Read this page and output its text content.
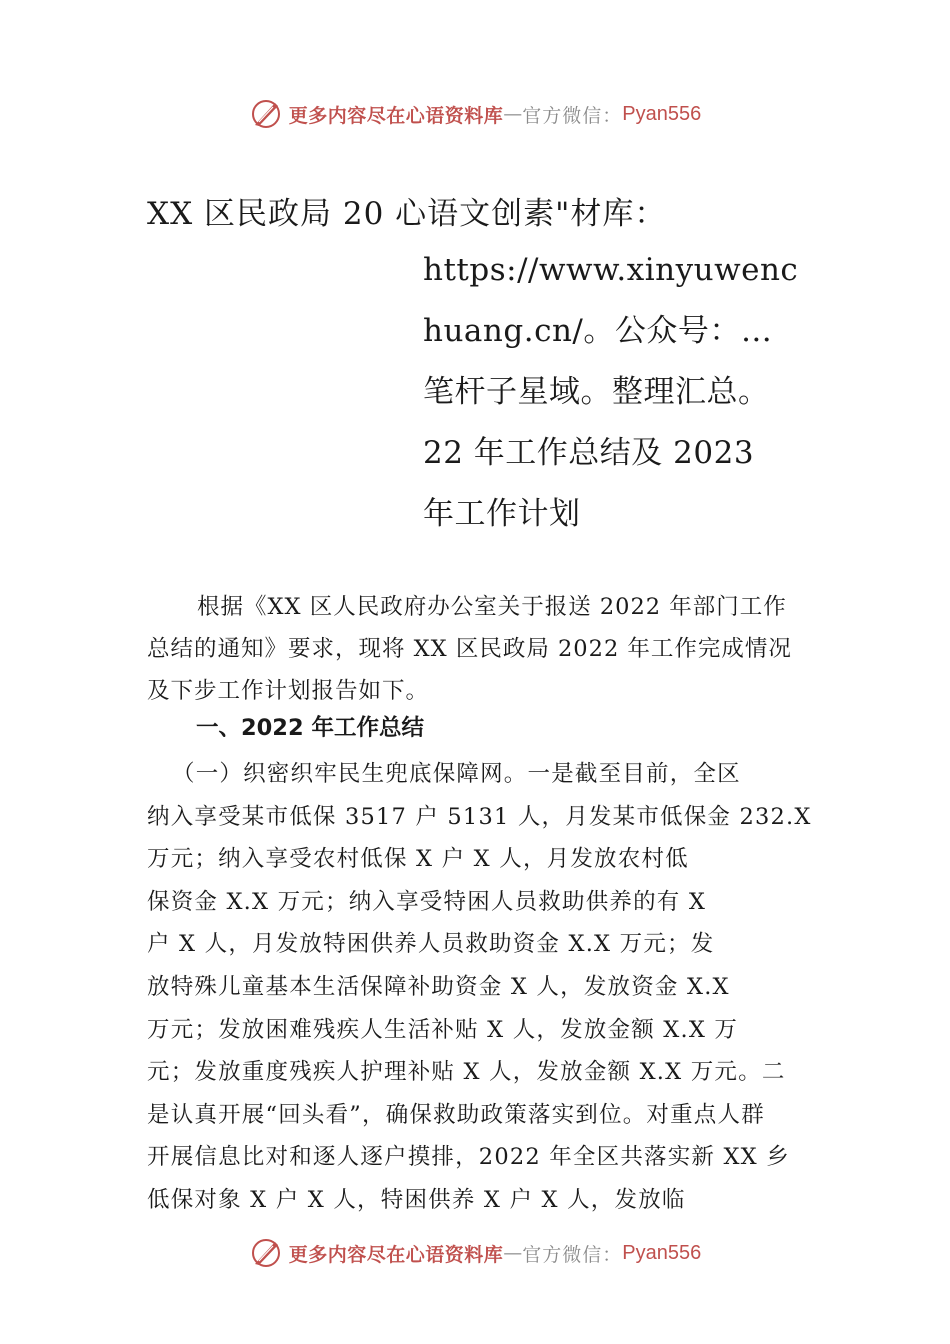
更多内容尽在心语资料库 — 官方微信： Pyan556
XX 区民政局 20 心语文创素"材库：
https://www.xinyuwenc
huang.cn/。公众号：…
笔杆子星域。整理汇总。
22 年工作总结及 2023
年工作计划
根据《XX 区人民政府办公室关于报送 2022 年部门工作总结的通知》要求，现将 XX 区民政局 2022 年工作完成情况及下步工作计划报告如下。
一、2022 年工作总结
（一）织密织牢民生兜底保障网。一是截至目前，全区
纳入享受某市低保 3517 户 5131 人，月发某市低保金 232.X
万元；纳入享受农村低保 X 户 X 人，月发放农村低
保资金 X.X 万元；纳入享受特困人员救助供养的有 X
户 X 人，月发放特困供养人员救助资金 X.X 万元；发
放特殊儿童基本生活保障补助资金 X 人，发放资金 X.X
万元；发放困难残疾人生活补贴 X 人，发放金额 X.X 万
元；发放重度残疾人护理补贴 X 人，发放金额 X.X 万元。二
是认真开展“回头看”，确保救助政策落实到位。对重点人群
开展信息比对和逐人逐户摸排，2022 年全区共落实新 XX 乡
低保对象 X 户 X 人，特困供养 X 户 X 人，发放临
更多内容尽在心语资料库 — 官方微信： Pyan556
